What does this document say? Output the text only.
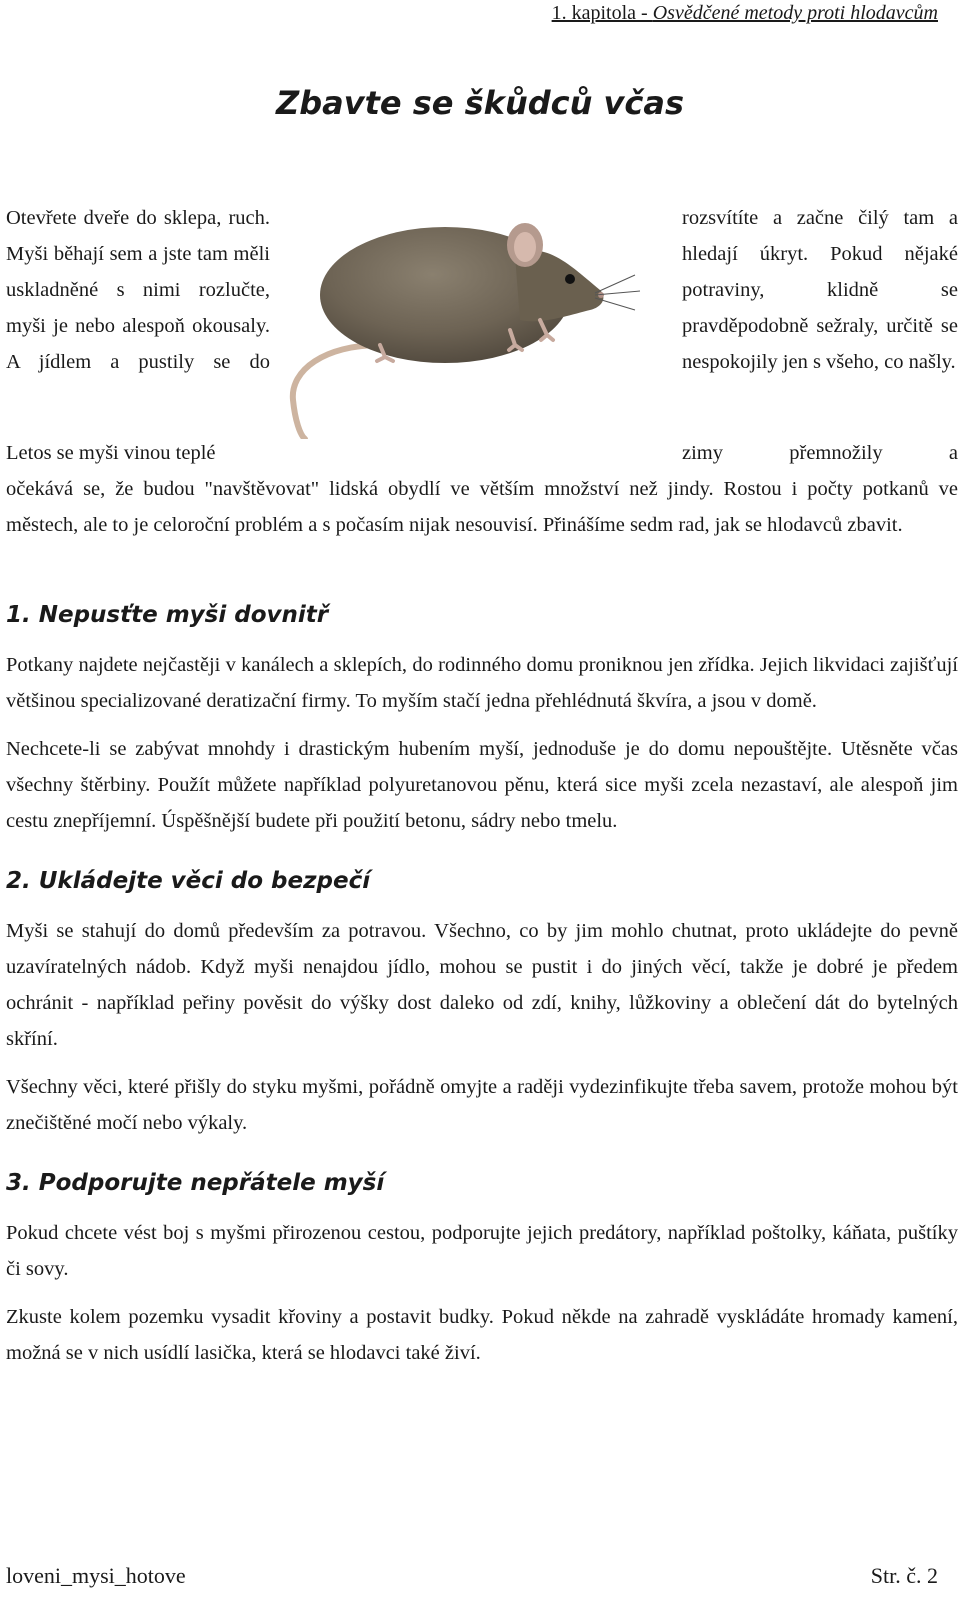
1. kapitola - Osvědčené metody proti hlodavcům
Zbavte se škůdců včas

Otevřete dveře do sklepa, ruch. Myši běhají sem a jste tam měli uskladněné s nimi rozlučte, myši je nebo alespoň okousaly. A jídlem a pustily se do

rozsvítíte a začne čilý tam a hledají úkryt. Pokud nějaké potraviny, klidně se pravděpodobně sežraly, určitě se nespokojily jen s všeho, co našly.

Letos se myši vinou teplé	zimy	přemnožily	a

očekává se, že budou "navštěvovat" lidská obydlí ve větším množství než jindy. Rostou i počty potkanů ve městech, ale to je celoroční problém a s počasím nijak nesouvisí. Přinášíme sedm rad, jak se hlodavců zbavit.

1. Nepusťte myši dovnitř

Potkany najdete nejčastěji v kanálech a sklepích, do rodinného domu proniknou jen zřídka. Jejich likvidaci zajišťují většinou specializované deratizační firmy. To myším stačí jedna přehlédnutá škvíra, a jsou v domě.

Nechcete-li se zabývat mnohdy i drastickým hubením myší, jednoduše je do domu nepouštějte. Utěsněte včas všechny štěrbiny. Použít můžete například polyuretanovou pěnu, která sice myši zcela nezastaví, ale alespoň jim cestu znepříjemní. Úspěšnější budete při použití betonu, sádry nebo tmelu.

2. Ukládejte věci do bezpečí

Myši se stahují do domů především za potravou. Všechno, co by jim mohlo chutnat, proto ukládejte do pevně uzavíratelných nádob. Když myši nenajdou jídlo, mohou se pustit i do jiných věcí, takže je dobré je předem ochránit - například peřiny pověsit do výšky dost daleko od zdí, knihy, lůžkoviny a oblečení dát do bytelných skříní.

Všechny věci, které přišly do styku myšmi, pořádně omyjte a raději vydezinfikujte třeba savem, protože mohou být znečištěné močí nebo výkaly.

3. Podporujte nepřátele myší

Pokud chcete vést boj s myšmi přirozenou cestou, podporujte jejich predátory, například poštolky, káňata, puštíky či sovy.

Zkuste kolem pozemku vysadit křoviny a postavit budky. Pokud někde na zahradě vyskládáte hromady kamení, možná se v nich usídlí lasička, která se hlodavci také živí.

loveni_mysi_hotove	Str. č. 2
